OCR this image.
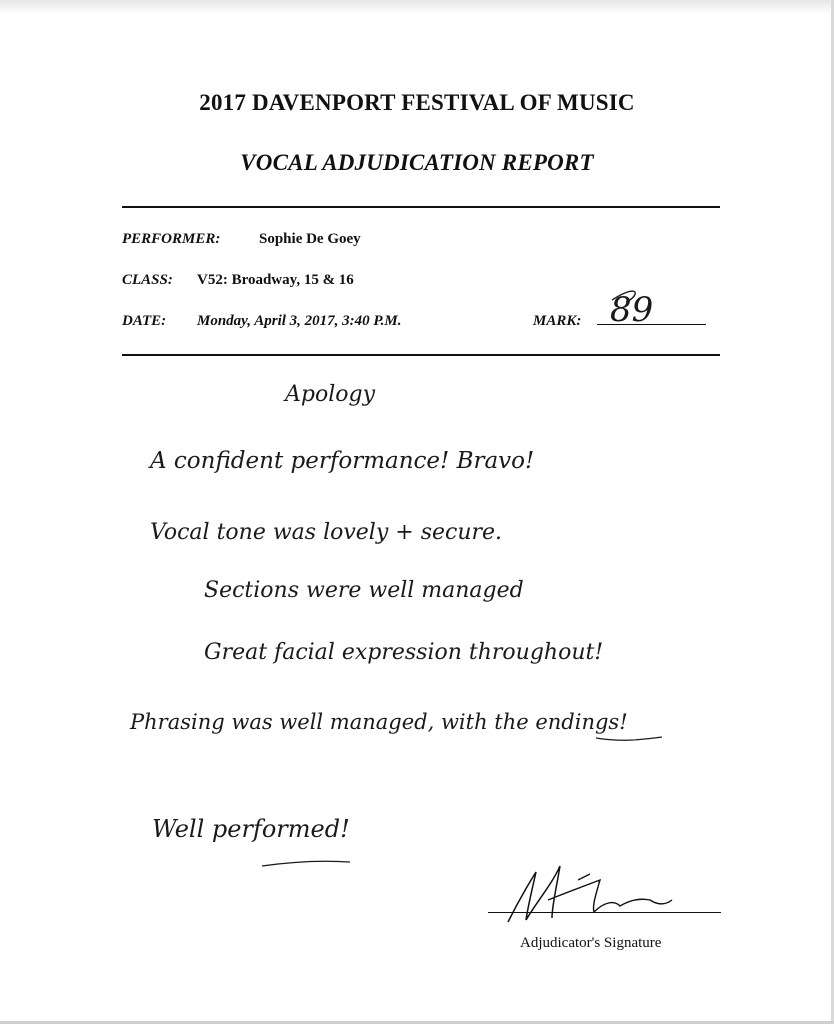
2017 DAVENPORT FESTIVAL OF MUSIC
VOCAL ADJUDICATION REPORT
PERFORMER:	Sophie De Goey
CLASS: V52: Broadway, 15 & 16
DATE: Monday, April 3, 2017, 3:40 P.M.	MARK: 89
Apology
A confident performance! Bravo!
Vocal tone was lovely + secure.
Sections were well managed
Great facial expression throughout!
Phrasing was well managed, with the endings!
Well performed!
Adjudicator's Signature
